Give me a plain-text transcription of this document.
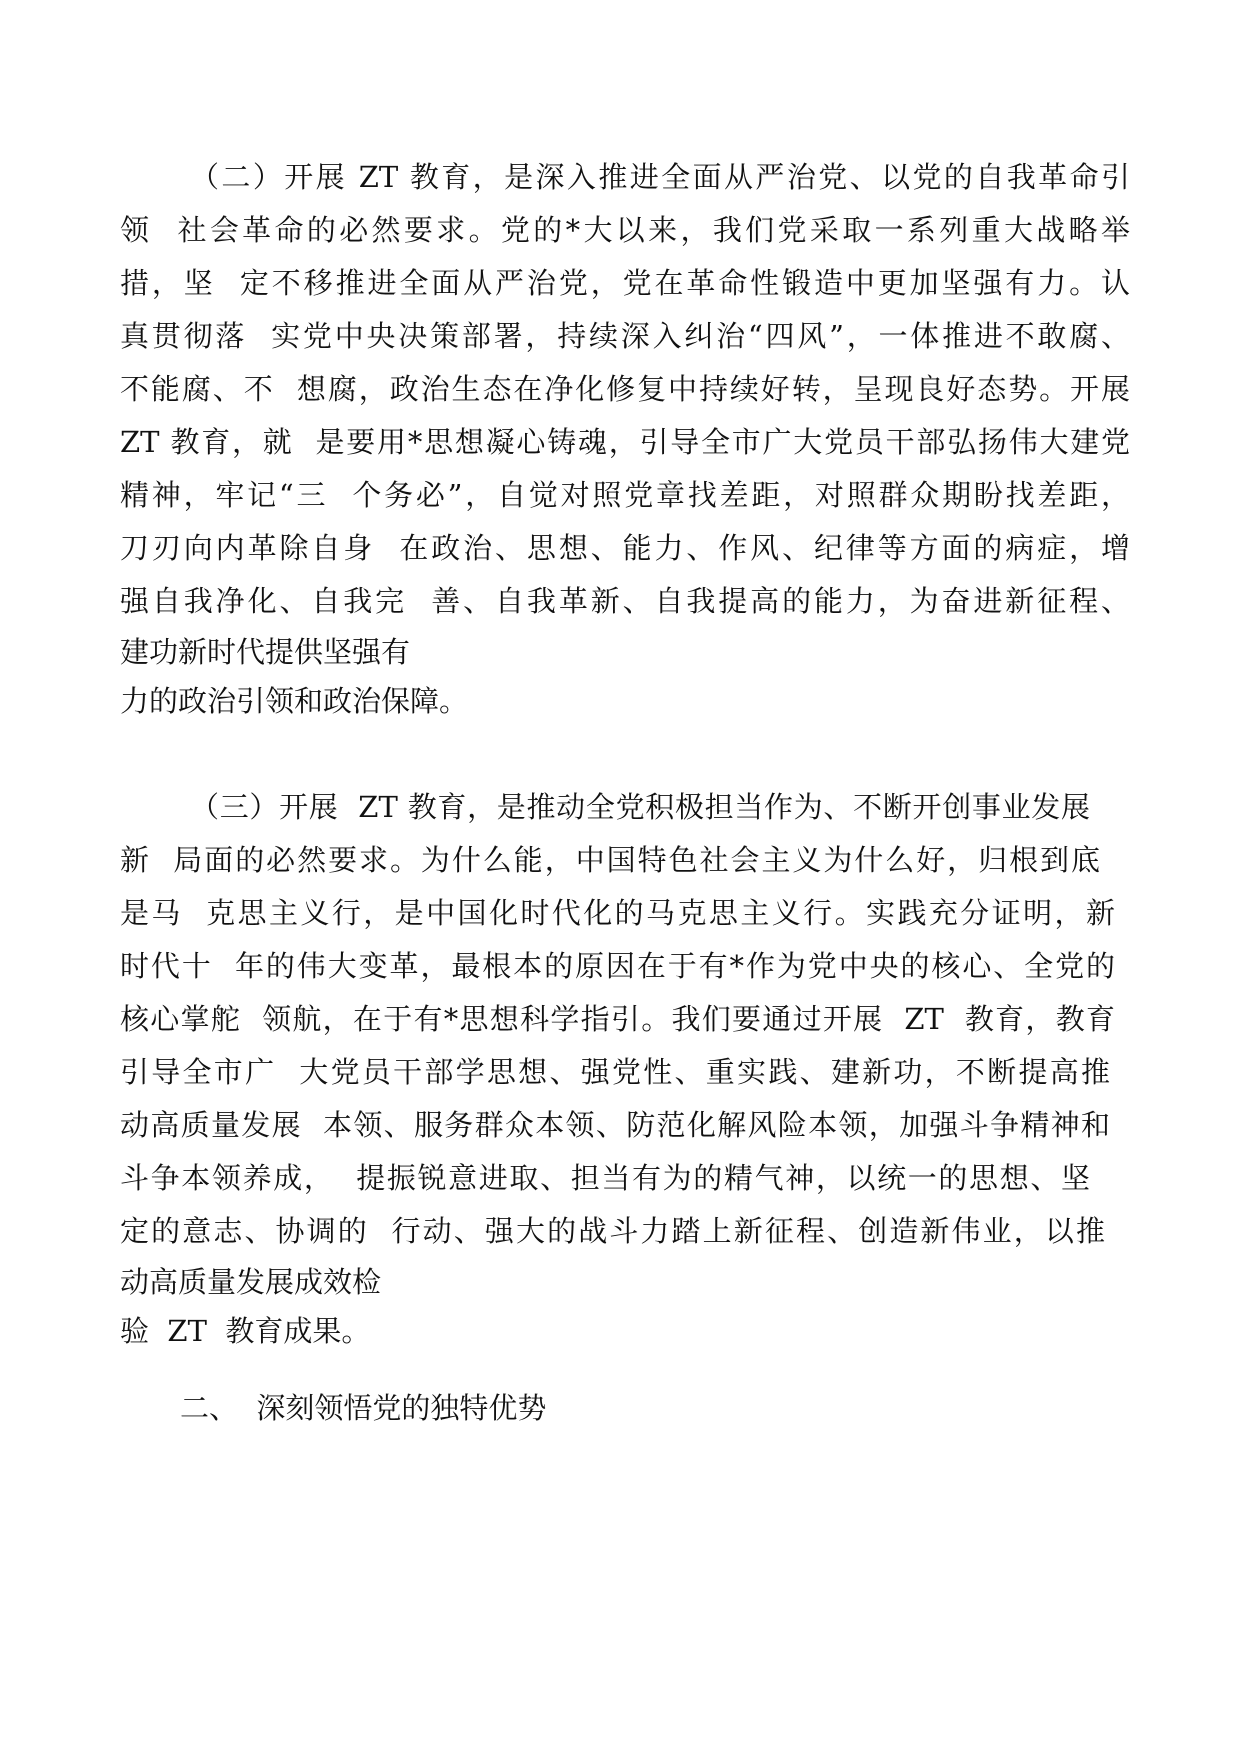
（二）开展 ZT 教育，是深入推进全面从严治党、以党的自我革命引
领  社会革命的必然要求。党的*大以来，我们党采取一系列重大战略举
措，坚  定不移推进全面从严治党，党在革命性锻造中更加坚强有力。认
真贯彻落  实党中央决策部署，持续深入纠治“四风”，一体推进不敢腐、
不能腐、不  想腐，政治生态在净化修复中持续好转，呈现良好态势。开展
ZT 教育，就  是要用*思想凝心铸魂，引导全市广大党员干部弘扬伟大建党
精神，牢记“三  个务必”，自觉对照党章找差距，对照群众期盼找差距，
刀刃向内革除自身  在政治、思想、能力、作风、纪律等方面的病症，增
强自我净化、自我完  善、自我革新、自我提高的能力，为奋进新征程、
建功新时代提供坚强有
力的政治引领和政治保障。
（三）开展  ZT 教育，是推动全党积极担当作为、不断开创事业发展
新  局面的必然要求。为什么能，中国特色社会主义为什么好，归根到底
是马  克思主义行，是中国化时代化的马克思主义行。实践充分证明，新
时代十  年的伟大变革，最根本的原因在于有*作为党中央的核心、全党的
核心掌舵  领航，在于有*思想科学指引。我们要通过开展  ZT  教育，教育
引导全市广  大党员干部学思想、强党性、重实践、建新功，不断提高推
动高质量发展  本领、服务群众本领、防范化解风险本领，加强斗争精神和
斗争本领养成，  提振锐意进取、担当有为的精气神，以统一的思想、坚
定的意志、协调的  行动、强大的战斗力踏上新征程、创造新伟业，以推
动高质量发展成效检
验  ZT  教育成果。
二、  深刻领悟党的独特优势
